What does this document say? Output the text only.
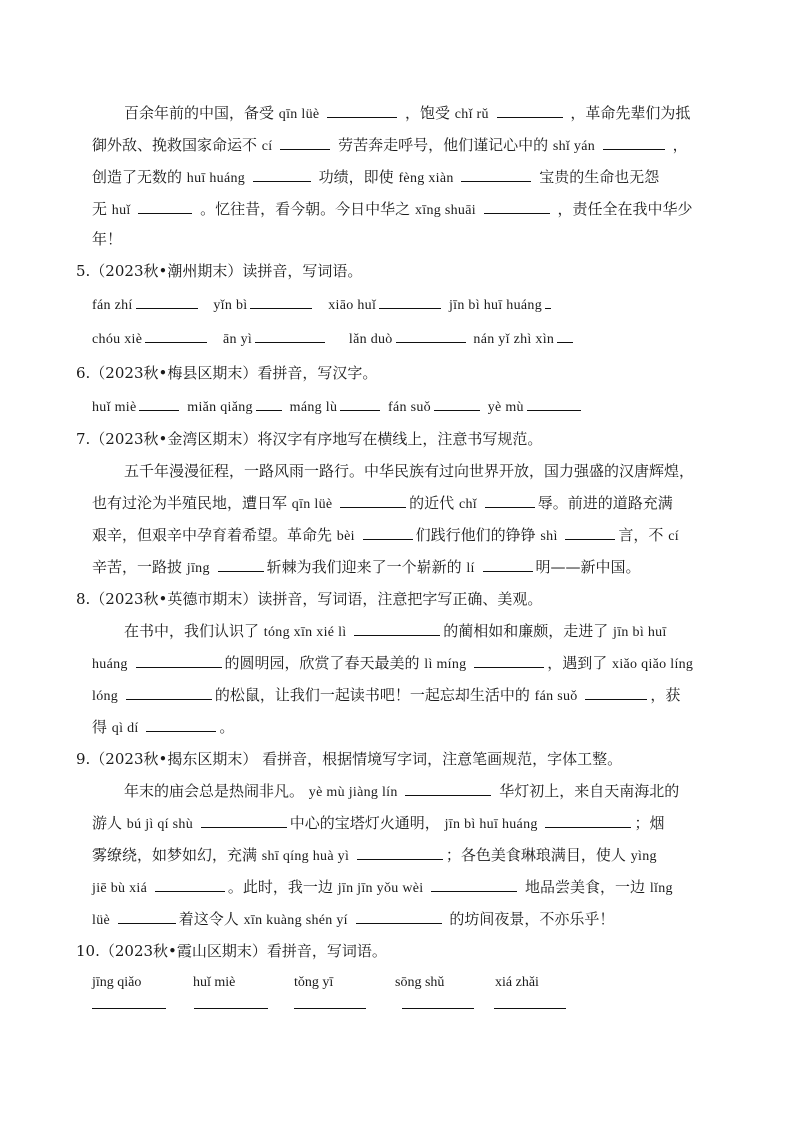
百余年前的中国，备受 qīn lüè	，饱受 chǐ rǔ	，革命先辈们为抵
御外敌、挽救国家命运不 cí	劳苦奔走呼号，他们谨记心中的 shǐ yán	，
创造了无数的 huī huáng	功绩，即使 fèng xiàn	宝贵的生命也无怨
无 huǐ	。忆往昔，看今朝。今日中华之 xīng shuāi	，责任全在我中华少
年！
5.（2023秋•潮州期末）读拼音，写词语。
fán zhí	yǐn bì	xiāo huǐ	jīn bì huī huáng
chóu xiè	ān yì	lǎn duò	nán yǐ zhì xìn
6.（2023秋•梅县区期末）看拼音，写汉字。
huǐ miè	miǎn qiǎng	máng lù	fán suǒ	yè mù
7.（2023秋•金湾区期末）将汉字有序地写在横线上，注意书写规范。
五千年漫漫征程，一路风雨一路行。中华民族有过向世界开放，国力强盛的汉唐辉煌，
也有过沦为半殖民地，遭日军 qīn lüè	的近代 chǐ	辱。前进的道路充满
艰辛，但艰辛中孕育着希望。革命先 bèi	们践行他们的铮铮 shì	言，不 cí
辛苦，一路披 jīng	斩棘为我们迎来了一个崭新的 lí	明——新中国。
8.（2023秋•英德市期末）读拼音，写词语，注意把字写正确、美观。
在书中，我们认识了 tóng xīn xié lì	的蔺相如和廉颇，走进了 jīn bì huī
huáng	的圆明园，欣赏了春天最美的 lì míng	，遇到了 xiǎo qiǎo líng
lóng	的松鼠，让我们一起读书吧！一起忘却生活中的 fán suǒ	，获
得 qì dí	。
9.（2023秋•揭东区期末） 看拼音，根据情境写字词，注意笔画规范，字体工整。
年末的庙会总是热闹非凡。 yè mù jiàng lín	华灯初上，来自天南海北的
游人 bú jì qí shù	中心的宝塔灯火通明， jīn bì huī huáng	；烟
雾缭绕，如梦如幻，充满 shī qíng huà yì	；各色美食琳琅满目，使人 yìng
jiē bù xiá	。此时，我一边 jīn jīn yǒu wèi	地品尝美食，一边 lǐng
lüè	着这令人 xīn kuàng shén yí	的坊间夜景，不亦乐乎！
10.（2023秋•霞山区期末）看拼音，写词语。
jīng qiǎo	huǐ miè	tǒng yī	sōng shǔ	xiá zhǎi
